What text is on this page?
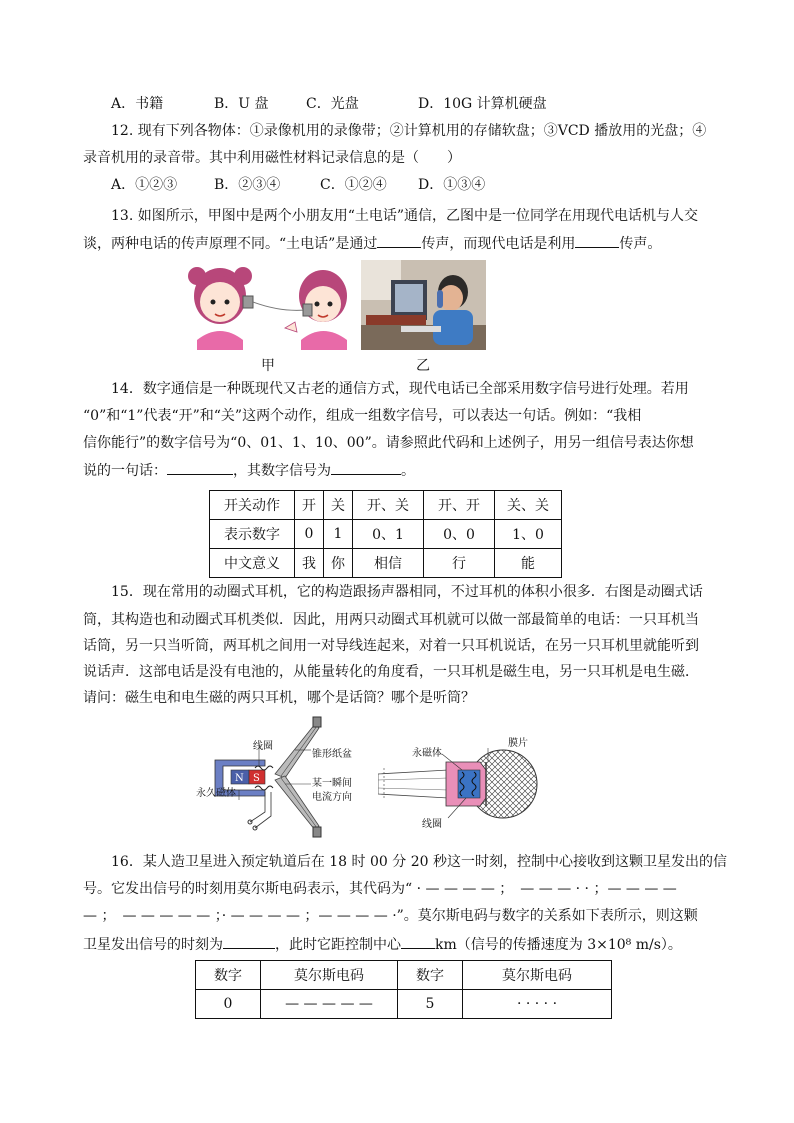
A．书籍	B．U 盘	C．光盘	D．10G 计算机硬盘
12. 现有下列各物体：①录像机用的录像带；②计算机用的存储软盘；③VCD 播放用的光盘；④
录音机用的录音带。其中利用磁性材料记录信息的是（　　）
A．①②③	B．②③④	C．①②④ D．①③④
13. 如图所示，甲图中是两个小朋友用“土电话”通信，乙图中是一位同学在用现代电话机与人交
谈，两种电话的传声原理不同。“土电话”是通过	传声，而现代电话是利用	传声。
甲	乙
14．数字通信是一种既现代又古老的通信方式，现代电话已全部采用数字信号进行处理。若用
“0”和“1”代表“开”和“关”这两个动作，组成一组数字信号，可以表达一句话。例如：“我相
信你能行”的数字信号为“0、01、1、10、00”。请参照此代码和上述例子，用另一组信号表达你想
说的一句话：	，其数字信号为	。
开关动作	开	关	开、关	开、开	关、关
表示数字	0	1	0、1	0、0	1、0
中文意义	我	你	相信	行	能
15．现在常用的动圈式耳机，它的构造跟扬声器相同，不过耳机的体积小很多．右图是动圈式话
筒，其构造也和动圈式耳机类似．因此，用两只动圈式耳机就可以做一部最简单的电话：一只耳机当
话筒，另一只当听筒，两耳机之间用一对导线连起来，对着一只耳机说话，在另一只耳机里就能听到
说话声．这部电话是没有电池的，从能量转化的角度看，一只耳机是磁生电，另一只耳机是电生磁．
请问：磁生电和电生磁的两只耳机，哪个是话筒？哪个是听筒？
线圈
锥形纸盆
永久磁体
某一瞬间
电流方向
N S
永磁体
膜片
线圈
16．某人造卫星进入预定轨道后在 18 时 00 分 20 秒这一时刻，控制中心接收到这颗卫星发出的信
号。它发出信号的时刻用莫尔斯电码表示，其代码为“ · — — — — ；　— — — · · ；— — — —
— ；　— — — — — ；· — — — — ；— — — — ·”。莫尔斯电码与数字的关系如下表所示，则这颗
卫星发出信号的时刻为	，此时它距控制中心 km（信号的传播速度为 3×10⁸ m/s）。
数字	莫尔斯电码	数字	莫尔斯电码
0	— — — — —	5	· · · · ·
